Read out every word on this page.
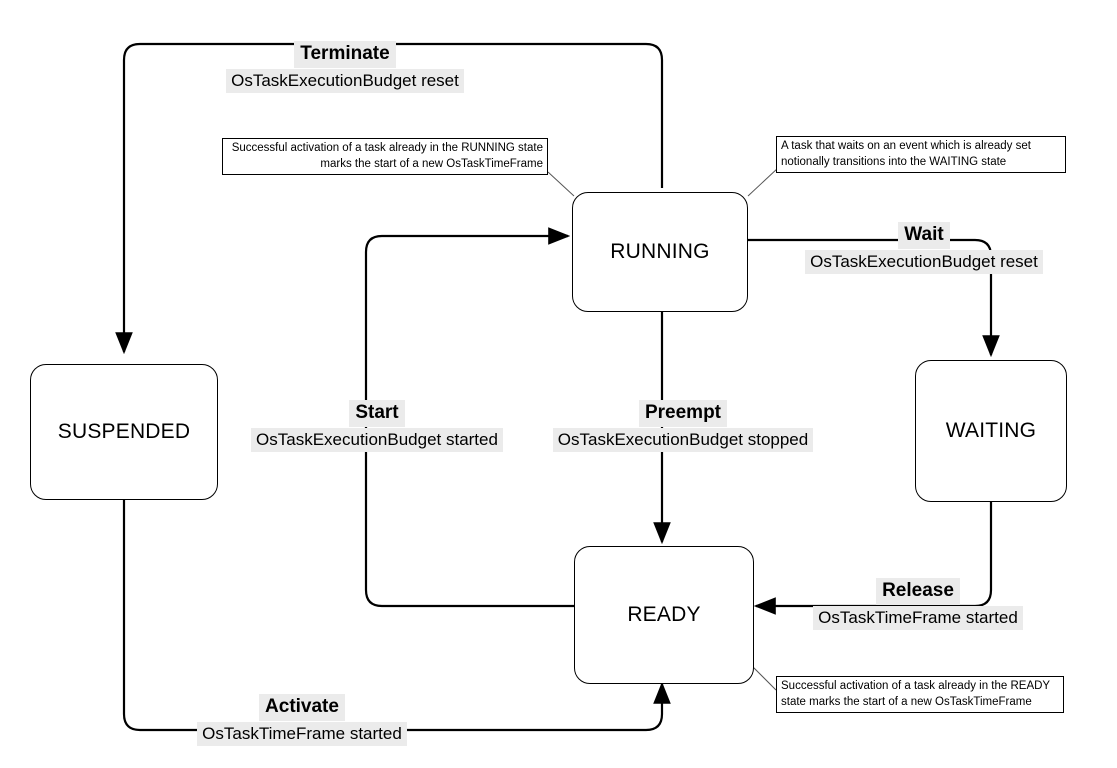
SUSPENDED
RUNNING
WAITING
READY
Terminate
OsTaskExecutionBudget reset
Wait
OsTaskExecutionBudget reset
Start
OsTaskExecutionBudget started
Preempt
OsTaskExecutionBudget stopped
Release
OsTaskTimeFrame started
Activate
OsTaskTimeFrame started
Successful activation of a task already in the RUNNING state marks the start of a new OsTaskTimeFrame
A task that waits on an event which is already set notionally transitions into the WAITING state
Successful activation of a task already in the READY state marks the start of a new OsTaskTimeFrame
